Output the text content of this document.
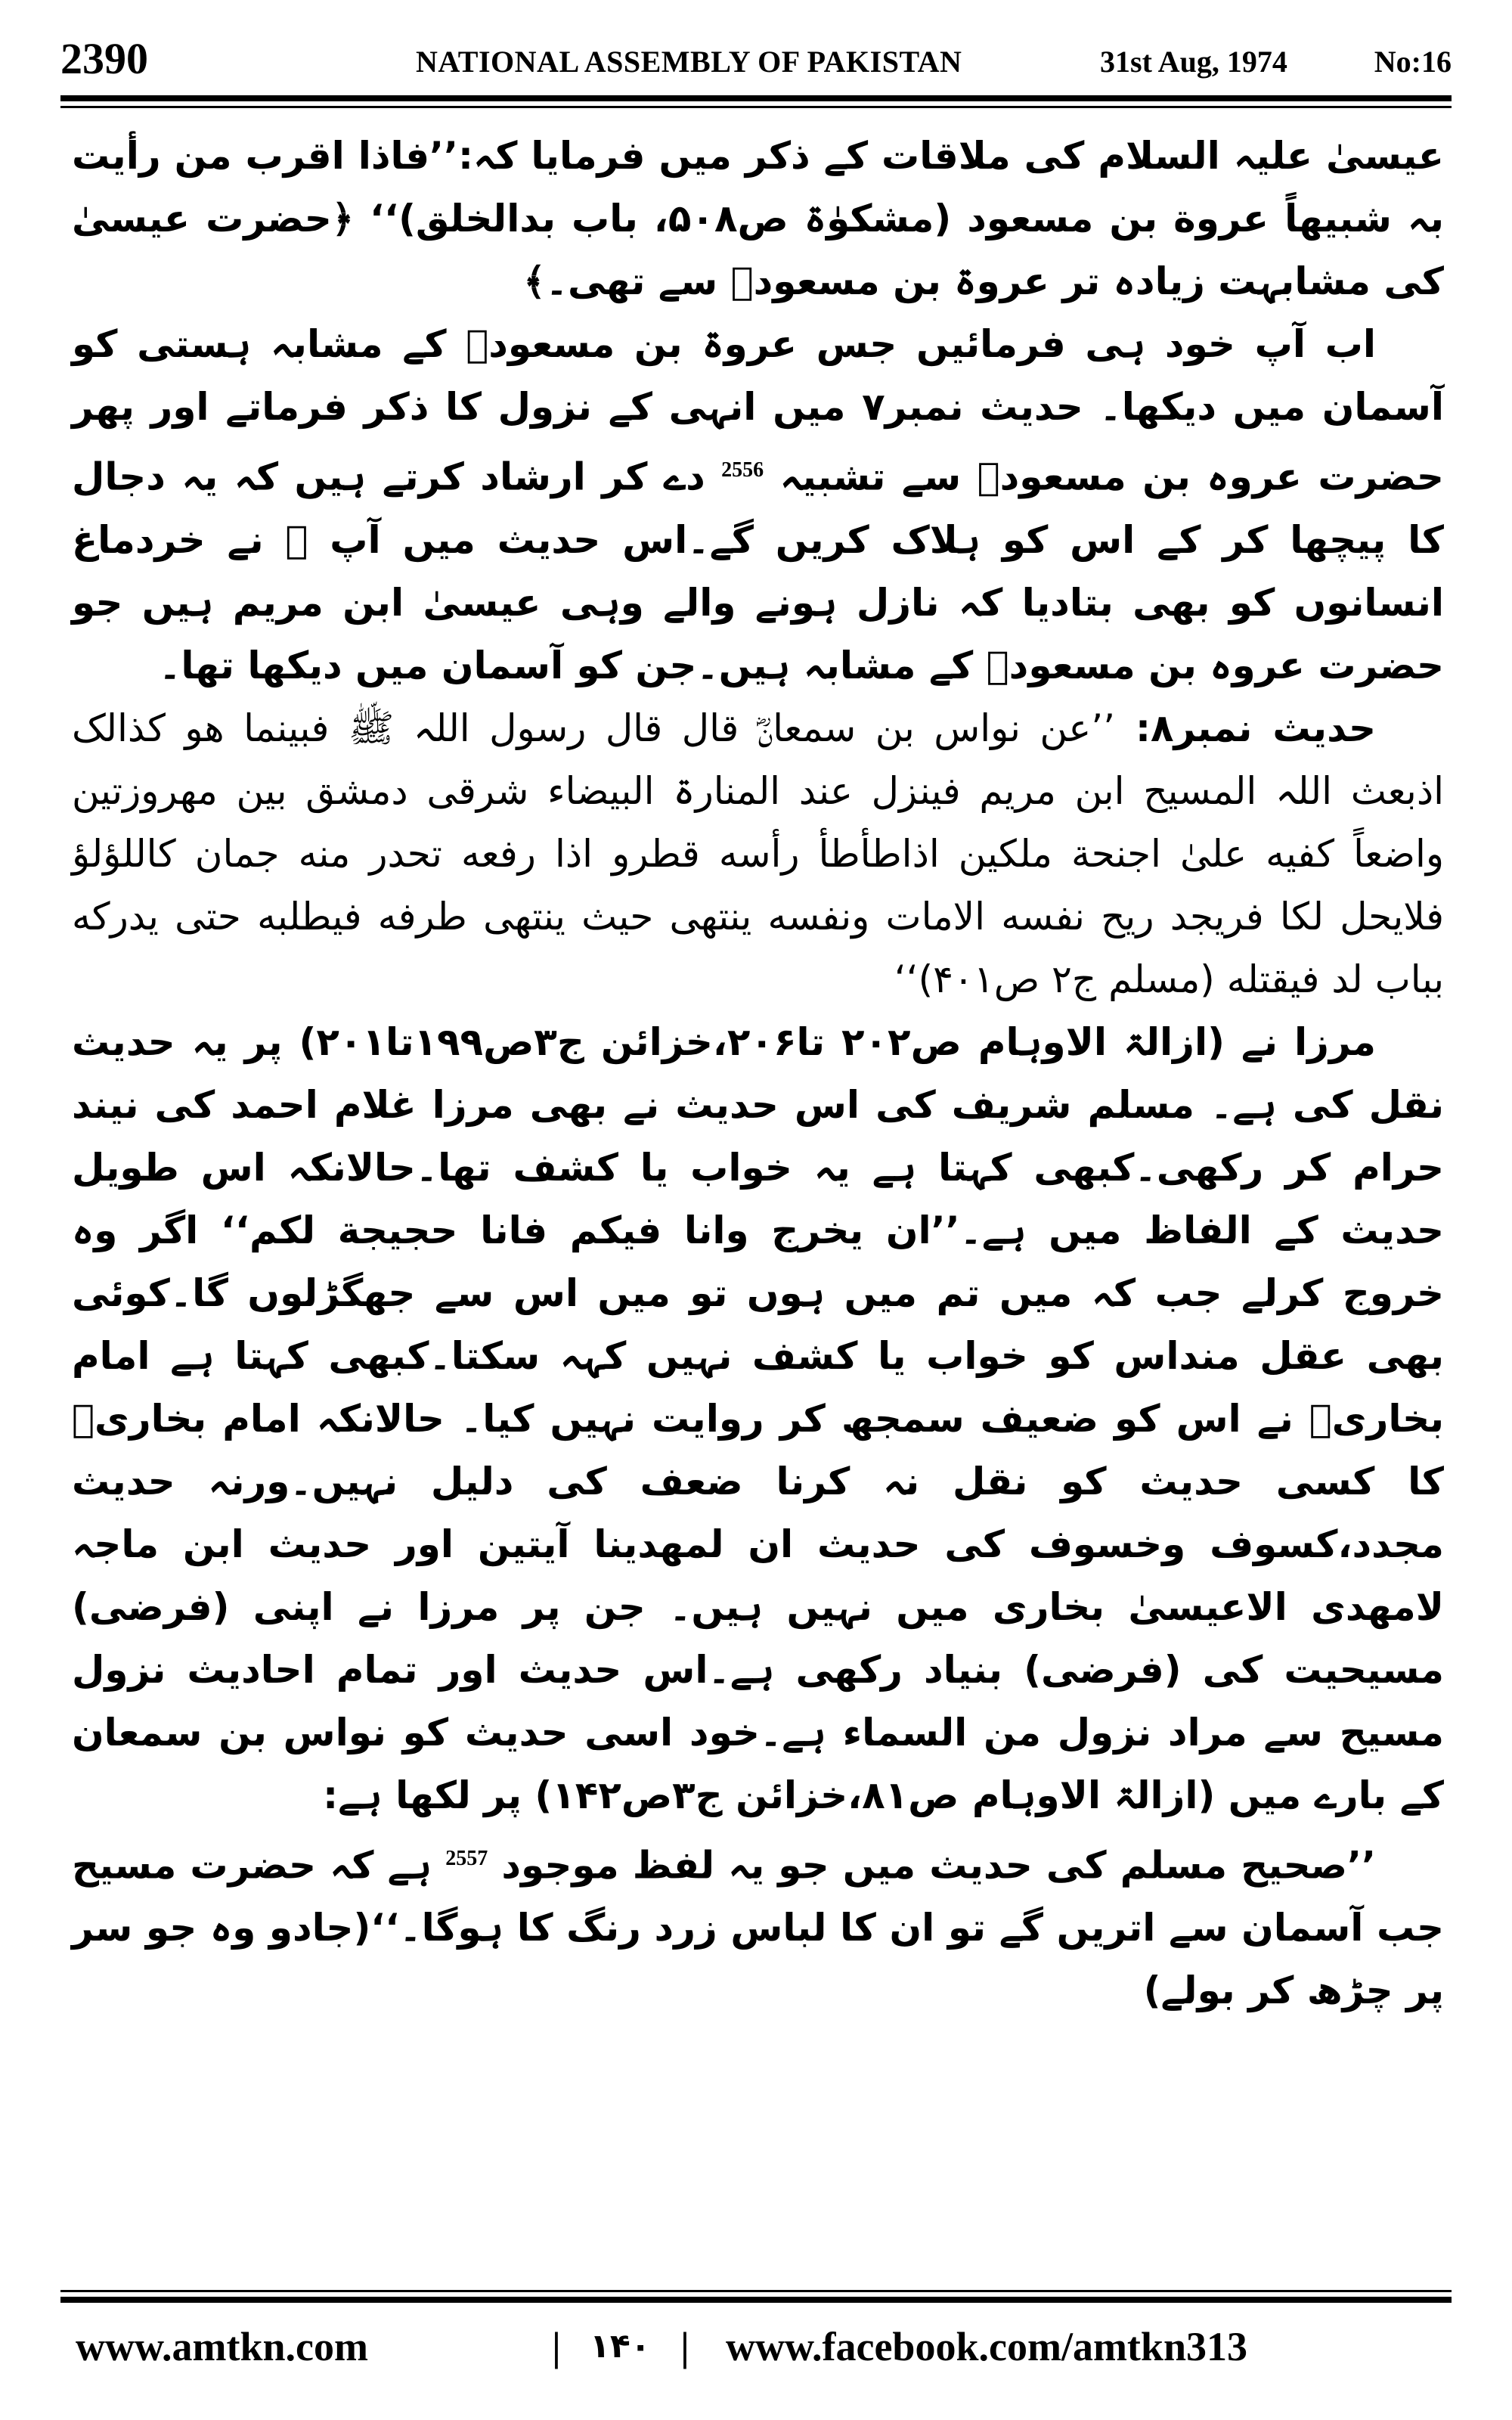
2390	NATIONAL ASSEMBLY OF PAKISTAN	31st Aug, 1974	No:16

عیسیٰ علیہ السلام کی ملاقات کے ذکر میں فرمایا کہ:’’فاذا اقرب من رأیت بہ شبیهاً عروة بن مسعود (مشکوٰۃ ص۵۰۸، باب بدالخلق)‘‘ ﴿حضرت عیسیٰ کی مشابہت زیادہ تر عروۃ بن مسعودؓ سے تھی۔﴾

اب آپ خود ہی فرمائیں جس عروۃ بن مسعودؓ کے مشابہ ہستی کو آسمان میں دیکھا۔ حدیث نمبر۷ میں انہی کے نزول کا ذکر فرماتے اور پھر حضرت عروہ بن مسعودؓ سے تشبیہ $^{2556}$ دے کر ارشاد کرتے ہیں کہ یہ دجال کا پیچھا کر کے اس کو ہلاک کریں گے۔اس حدیث میں آپ ﷺ نے خردماغ انسانوں کو بھی بتادیا کہ نازل ہونے والے وہی عیسیٰ ابن مریم ہیں جو حضرت عروہ بن مسعودؓ کے مشابہ ہیں۔جن کو آسمان میں دیکھا تھا۔

حدیث نمبر۸: ’’عن نواس بن سمعانؓ قال قال رسول اللہ ﷺ فبینما ھو کذالک اذبعث اللہ المسیح ابن مریم فینزل عند المنارۃ البیضاء شرقی دمشق بین مھروزتین واضعاً کفیه علیٰ اجنحة ملکین اذاطأطأ رأسه قطرو اذا رفعه تحدر منه جمان کاللؤلؤ فلایحل لکا فریجد ریح نفسه الامات ونفسه ینتھی حیث ینتھی طرفه فیطلبه حتی یدرکه بباب لد فیقتله (مسلم ج۲ ص۴۰۱)‘‘

مرزا نے (ازالۃ الاوہام ص۲۰۲ تا۲۰۶،خزائن ج۳ص۱۹۹تا۲۰۱) پر یہ حدیث نقل کی ہے۔ مسلم شریف کی اس حدیث نے بھی مرزا غلام احمد کی نیند حرام کر رکھی۔کبھی کہتا ہے یہ خواب یا کشف تھا۔حالانکہ اس طویل حدیث کے الفاظ میں ہے۔’’ان یخرج وانا فیکم فانا حجیجة لکم‘‘ اگر وہ خروج کرلے جب کہ میں تم میں ہوں تو میں اس سے جھگڑلوں گا۔کوئی بھی عقل منداس کو خواب یا کشف نہیں کہہ سکتا۔کبھی کہتا ہے امام بخاریؒ نے اس کو ضعیف سمجھ کر روایت نہیں کیا۔ حالانکہ امام بخاریؒ کا کسی حدیث کو نقل نہ کرنا ضعف کی دلیل نہیں۔ورنہ حدیث مجدد،کسوف وخسوف کی حدیث ان لمھدینا آیتین اور حدیث ابن ماجہ لامھدی الاعیسیٰ بخاری میں نہیں ہیں۔ جن پر مرزا نے اپنی (فرضی) مسیحیت کی (فرضی) بنیاد رکھی ہے۔اس حدیث اور تمام احادیث نزول مسیح سے مراد نزول من السماء ہے۔خود اسی حدیث کو نواس بن سمعان کے بارے میں (ازالۃ الاوہام ص۸۱،خزائن ج۳ص۱۴۲) پر لکھا ہے:

’’صحیح مسلم کی حدیث میں جو یہ لفظ موجود $^{2557}$ ہے کہ حضرت مسیح جب آسمان سے اتریں گے تو ان کا لباس زرد رنگ کا ہوگا۔‘‘(جادو وہ جو سر پر چڑھ کر بولے)

www.amtkn.com	| ۱۴۰ | www.facebook.com/amtkn313
